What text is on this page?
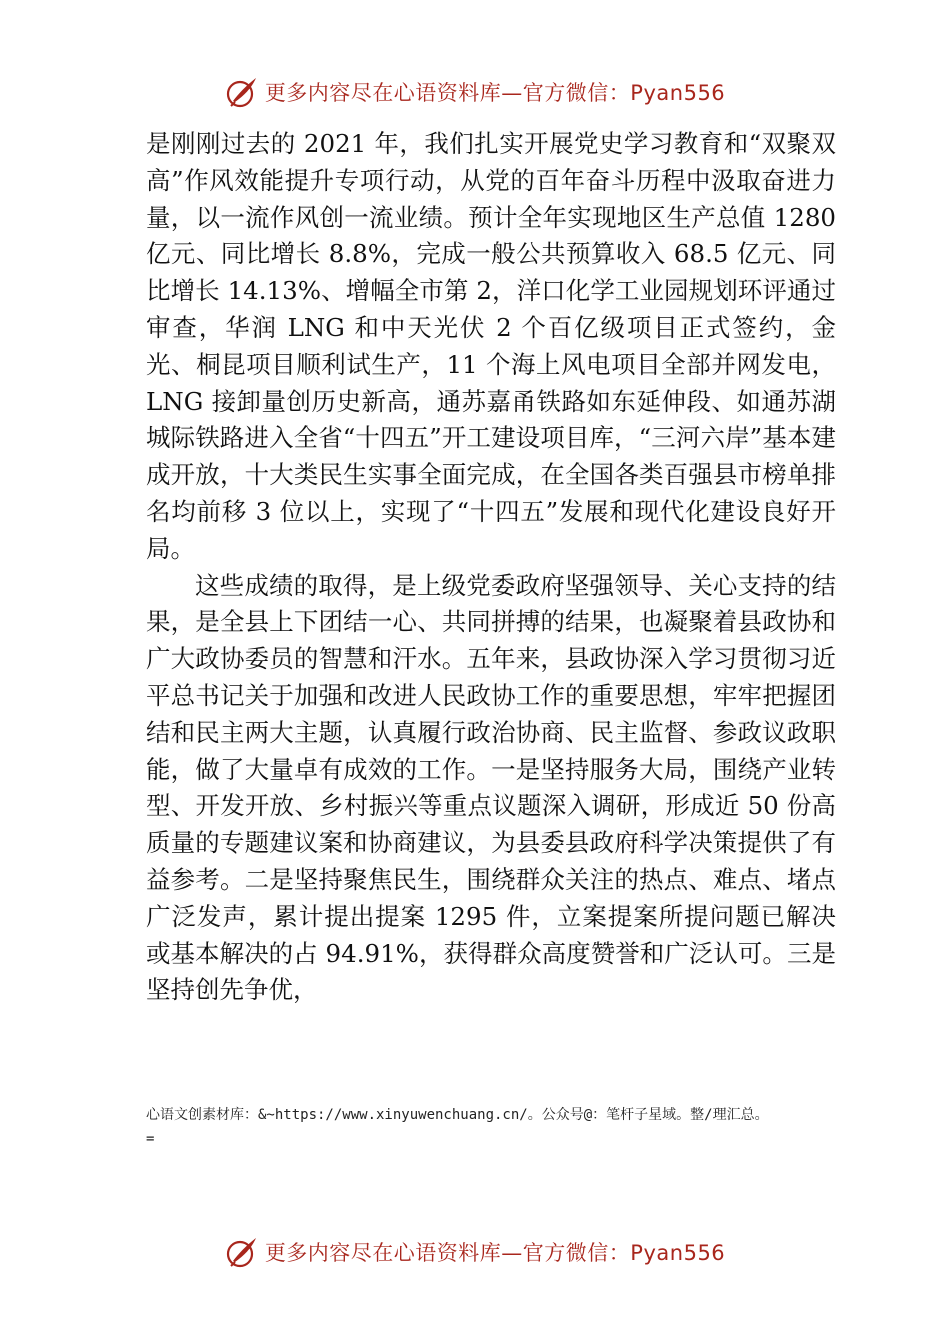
更多内容尽在心语资料库—官方微信：Pyan556

是刚刚过去的 2021 年，我们扎实开展党史学习教育和“双聚双高”作风效能提升专项行动，从党的百年奋斗历程中汲取奋进力量，以一流作风创一流业绩。预计全年实现地区生产总值 1280 亿元、同比增长 8.8%，完成一般公共预算收入 68.5 亿元、同比增长 14.13%、增幅全市第 2，洋口化学工业园规划环评通过审查，华润 LNG 和中天光伏 2 个百亿级项目正式签约，金光、桐昆项目顺利试生产，11 个海上风电项目全部并网发电，LNG 接卸量创历史新高，通苏嘉甬铁路如东延伸段、如通苏湖城际铁路进入全省“十四五”开工建设项目库，“三河六岸”基本建成开放，十大类民生实事全面完成，在全国各类百强县市榜单排名均前移 3 位以上，实现了“十四五”发展和现代化建设良好开局。

这些成绩的取得，是上级党委政府坚强领导、关心支持的结果，是全县上下团结一心、共同拼搏的结果，也凝聚着县政协和广大政协委员的智慧和汗水。五年来，县政协深入学习贯彻习近平总书记关于加强和改进人民政协工作的重要思想，牢牢把握团结和民主两大主题，认真履行政治协商、民主监督、参政议政职能，做了大量卓有成效的工作。一是坚持服务大局，围绕产业转型、开发开放、乡村振兴等重点议题深入调研，形成近 50 份高质量的专题建议案和协商建议，为县委县政府科学决策提供了有益参考。二是坚持聚焦民生，围绕群众关注的热点、难点、堵点广泛发声，累计提出提案 1295 件，立案提案所提问题已解决或基本解决的占 94.91%，获得群众高度赞誉和广泛认可。三是坚持创先争优，

心语文创素材库：&~https://www.xinyuwenchuang.cn/。公众号@：笔杆子星域。整/理汇总。
=
更多内容尽在心语资料库—官方微信：Pyan556
